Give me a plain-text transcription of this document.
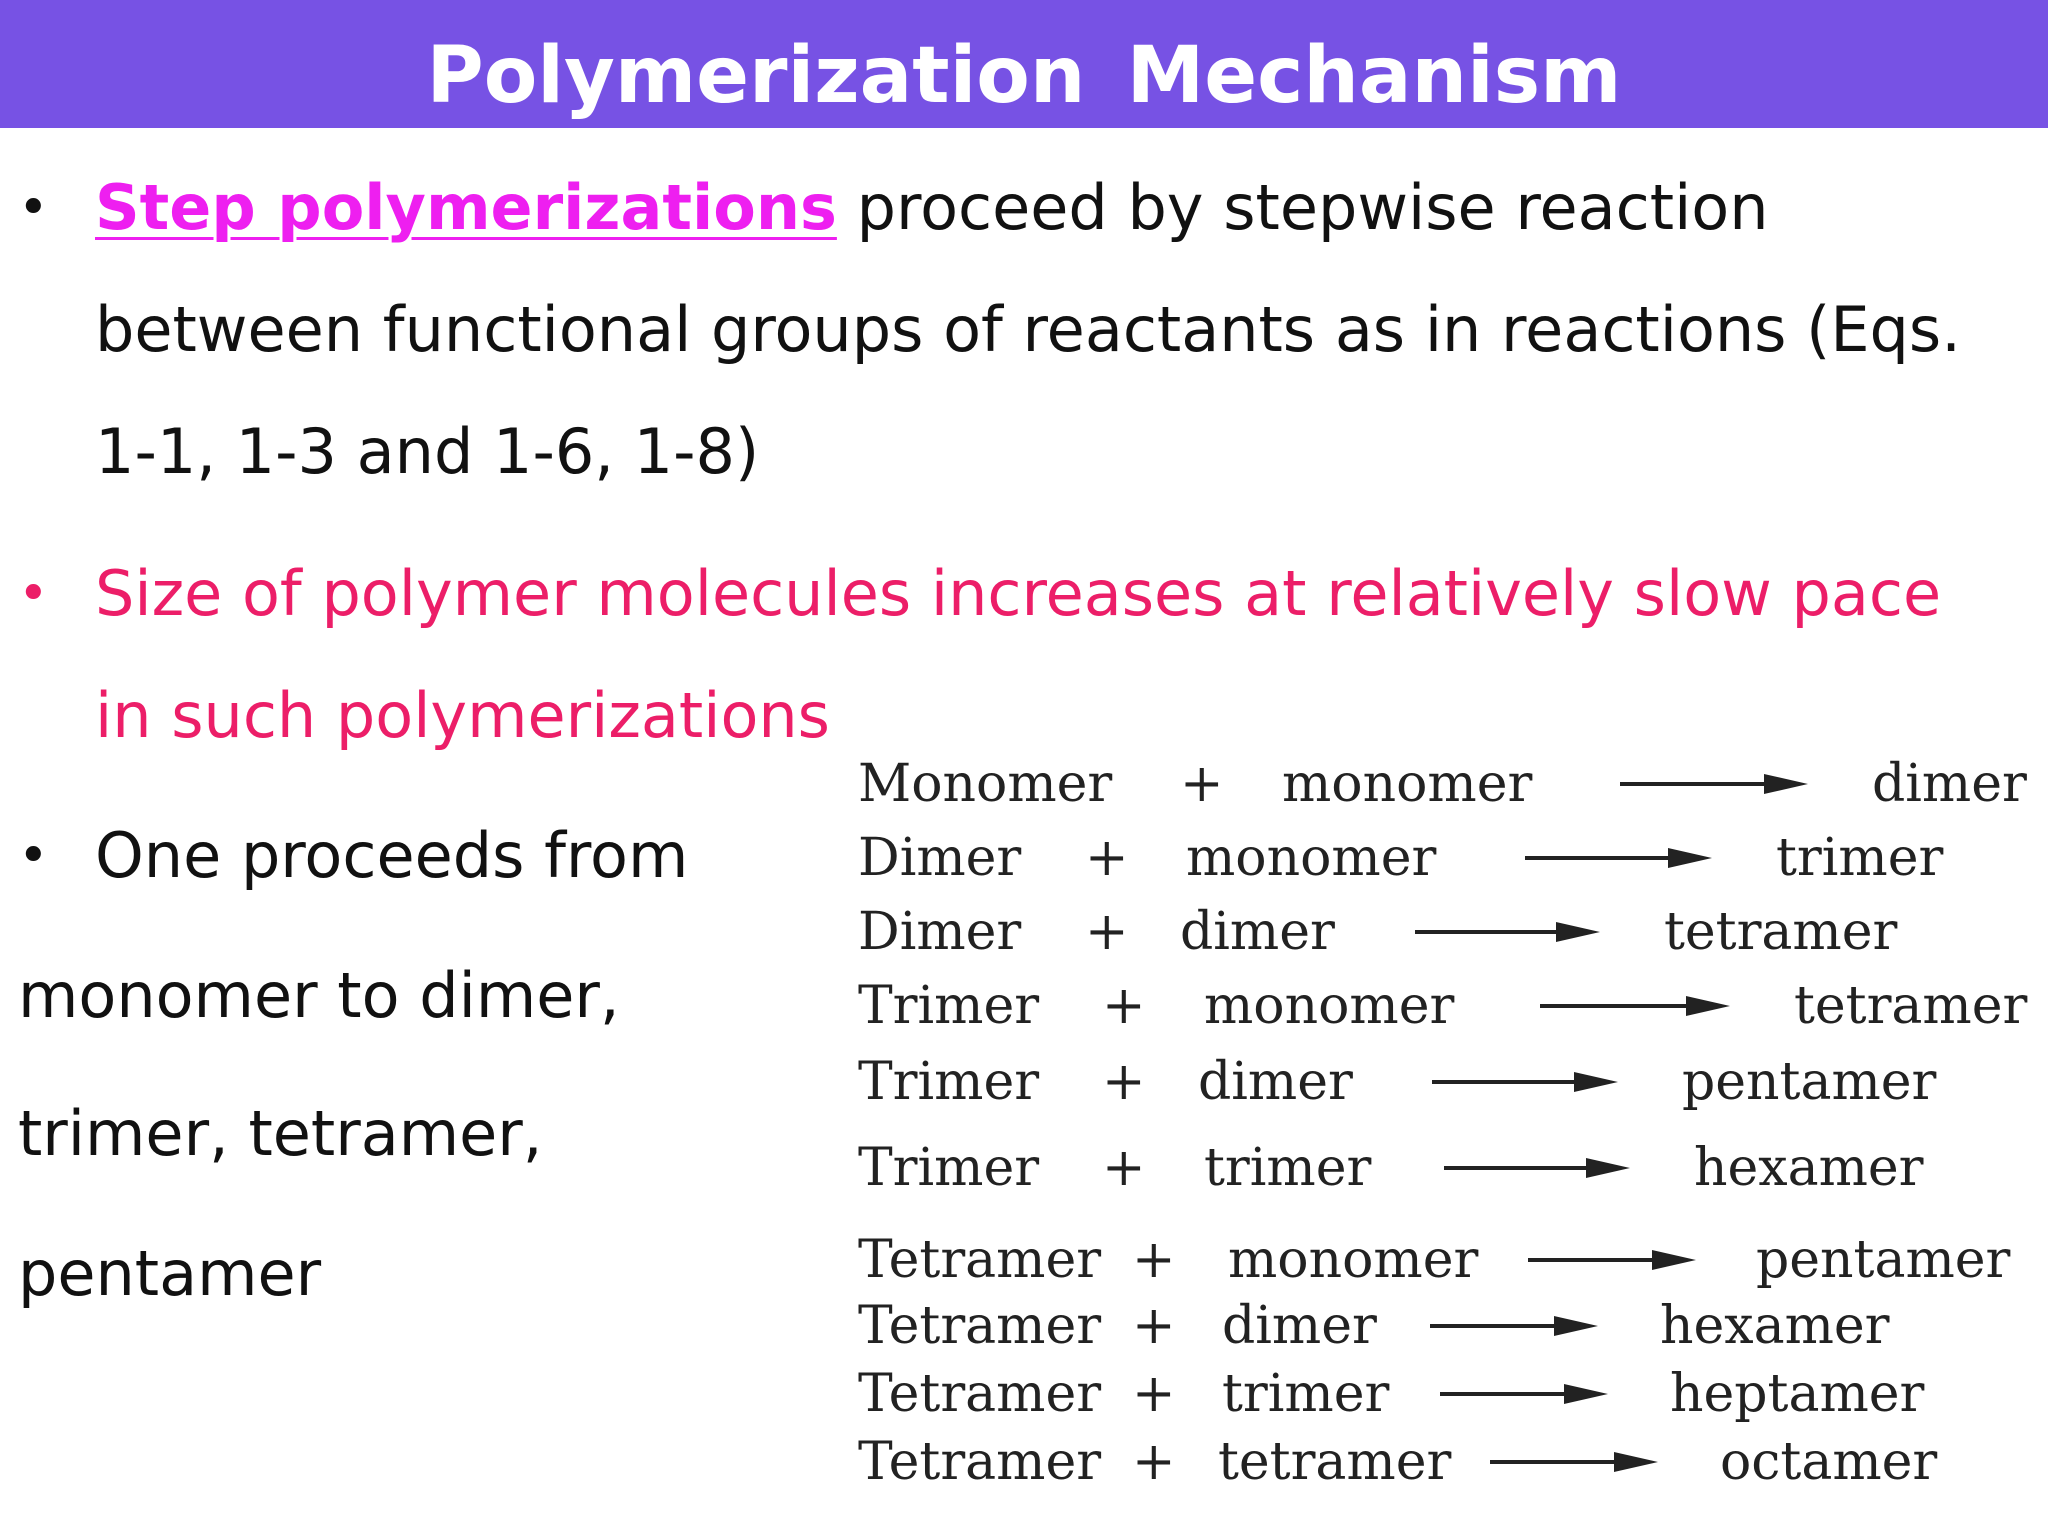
Polymerization Mechanism
• Step polymerizations proceed by stepwise reaction
between functional groups of reactants as in reactions (Eqs.
1-1, 1-3 and 1-6, 1-8)
• Size of polymer molecules increases at relatively slow pace
in such polymerizations
• One proceeds from
monomer to dimer,
trimer, tetramer,
pentamer
Monomer + monomer	dimer
Dimer + monomer	trimer
Dimer + dimer	tetramer
Trimer + monomer	tetramer
Trimer + dimer	pentamer
Trimer + trimer	hexamer
Tetramer + monomer	pentamer
Tetramer + dimer	hexamer
Tetramer + trimer	heptamer
Tetramer + tetramer	octamer
